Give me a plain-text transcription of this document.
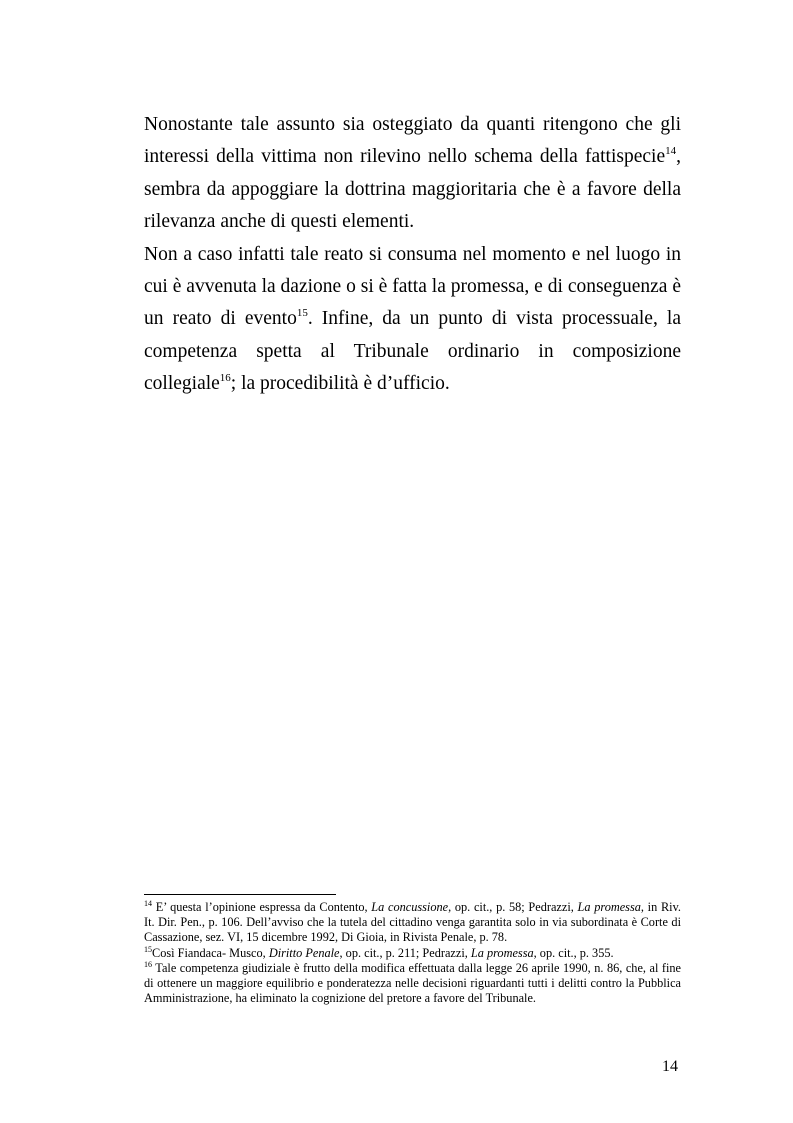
Nonostante tale assunto sia osteggiato da quanti ritengono che gli interessi della vittima non rilevino nello schema della fattispecie$^{14}$, sembra da appoggiare la dottrina maggioritaria che è a favore della rilevanza anche di questi elementi.

Non a caso infatti tale reato si consuma nel momento e nel luogo in cui è avvenuta la dazione o si è fatta la promessa, e di conseguenza è un reato di evento$^{15}$. Infine, da un punto di vista processuale, la competenza spetta al Tribunale ordinario in composizione collegiale$^{16}$; la procedibilità è d’ufficio.

$^{14}$ E’ questa l’opinione espressa da Contento, La concussione, op. cit., p. 58; Pedrazzi, La promessa, in Riv. It. Dir. Pen., p. 106. Dell’avviso che la tutela del cittadino venga garantita solo in via subordinata è Corte di Cassazione, sez. VI, 15 dicembre 1992, Di Gioia, in Rivista Penale, p. 78.

$^{15}$Così Fiandaca- Musco, Diritto Penale, op. cit., p. 211; Pedrazzi, La promessa, op. cit., p. 355.

$^{16}$ Tale competenza giudiziale è frutto della modifica effettuata dalla legge 26 aprile 1990, n. 86, che, al fine di ottenere un maggiore equilibrio e ponderatezza nelle decisioni riguardanti tutti i delitti contro la Pubblica Amministrazione, ha eliminato la cognizione del pretore a favore del Tribunale.

14
